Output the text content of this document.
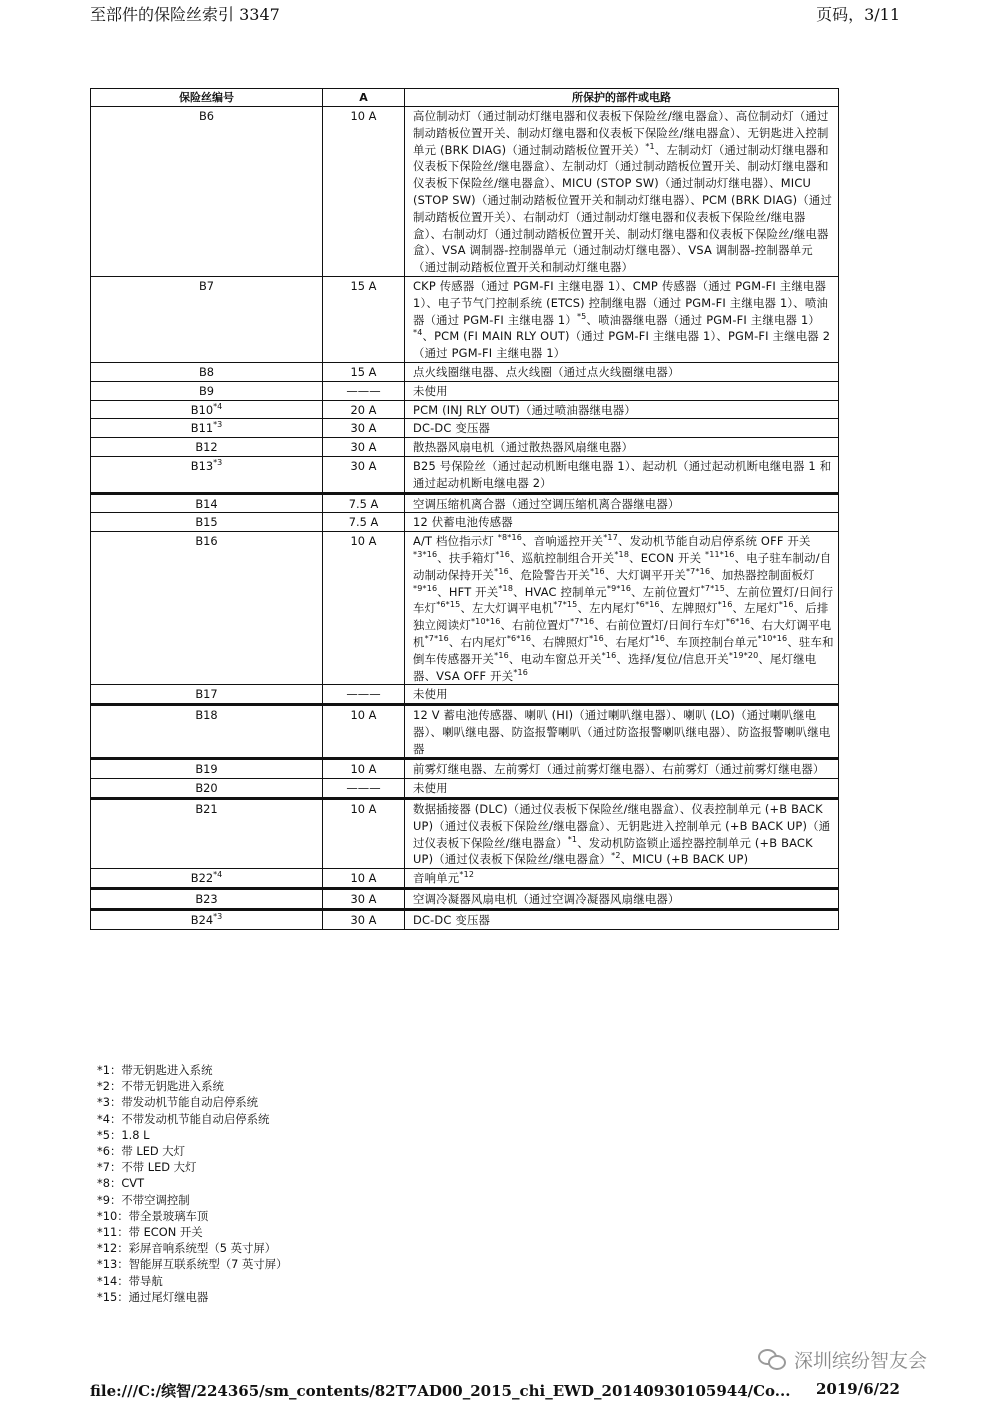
至部件的保险丝索引 3347	页码，3/11
保险丝编号	A	所保护的部件或电路
B6	10 A	高位制动灯（通过制动灯继电器和仪表板下保险丝/继电器盒）、高位制动灯（通过制动踏板位置开关、制动灯继电器和仪表板下保险丝/继电器盒）、无钥匙进入控制单元 (BRK DIAG)（通过制动踏板位置开关）$^{*1}$、左制动灯（通过制动灯继电器和仪表板下保险丝/继电器盒）、左制动灯（通过制动踏板位置开关、制动灯继电器和仪表板下保险丝/继电器盒）、MICU (STOP SW)（通过制动灯继电器）、MICU (STOP SW)（通过制动踏板位置开关和制动灯继电器）、PCM (BRK DIAG)（通过制动踏板位置开关）、右制动灯（通过制动灯继电器和仪表板下保险丝/继电器盒）、右制动灯（通过制动踏板位置开关、制动灯继电器和仪表板下保险丝/继电器盒）、VSA 调制器-控制器单元（通过制动灯继电器）、VSA 调制器-控制器单元（通过制动踏板位置开关和制动灯继电器）
B7	15 A	CKP 传感器（通过 PGM-FI 主继电器 1）、CMP 传感器（通过 PGM-FI 主继电器 1）、电子节气门控制系统 (ETCS) 控制继电器（通过 PGM-FI 主继电器 1）、喷油器（通过 PGM-FI 主继电器 1）$^{*5}$、喷油器继电器（通过 PGM-FI 主继电器 1）$^{*4}$、PCM (FI MAIN RLY OUT)（通过 PGM-FI 主继电器 1）、PGM-FI 主继电器 2（通过 PGM-FI 主继电器 1）
B8	15 A	点火线圈继电器、点火线圈（通过点火线圈继电器）
B9	———	未使用
B10$^{*4}$	20 A	PCM (INJ RLY OUT)（通过喷油器继电器）
B11$^{*3}$	30 A	DC-DC 变压器
B12	30 A	散热器风扇电机（通过散热器风扇继电器）
B13$^{*3}$	30 A	B25 号保险丝（通过起动机断电继电器 1）、起动机（通过起动机断电继电器 1 和通过起动机断电继电器 2）
B14	7.5 A	空调压缩机离合器（通过空调压缩机离合器继电器）
B15	7.5 A	12 伏蓄电池传感器
B16	10 A	A/T 档位指示灯 $^{*8*16}$、音响遥控开关$^{*17}$、发动机节能自动启停系统 OFF 开关$^{*3*16}$、扶手箱灯$^{*16}$、巡航控制组合开关$^{*18}$、ECON 开关 $^{*11*16}$、电子驻车制动/自动制动保持开关$^{*16}$、危险警告开关$^{*16}$、大灯调平开关$^{*7*16}$、加热器控制面板灯$^{*9*16}$、HFT 开关$^{*18}$、HVAC 控制单元$^{*9*16}$、左前位置灯$^{*7*15}$、左前位置灯/日间行车灯$^{*6*15}$、左大灯调平电机$^{*7*15}$、左内尾灯$^{*6*16}$、左牌照灯$^{*16}$、左尾灯$^{*16}$、后排独立阅读灯$^{*10*16}$、右前位置灯$^{*7*16}$、右前位置灯/日间行车灯$^{*6*16}$、右大灯调平电机$^{*7*16}$、右内尾灯$^{*6*16}$、右牌照灯$^{*16}$、右尾灯$^{*16}$、车顶控制台单元$^{*10*16}$、驻车和倒车传感器开关$^{*16}$、电动车窗总开关$^{*16}$、选择/复位/信息开关$^{*19*20}$、尾灯继电器、VSA OFF 开关$^{*16}$
B17	———	未使用
B18	10 A	12 V 蓄电池传感器、喇叭 (HI)（通过喇叭继电器）、喇叭 (LO)（通过喇叭继电器）、喇叭继电器、防盗报警喇叭（通过防盗报警喇叭继电器）、防盗报警喇叭继电器
B19	10 A	前雾灯继电器、左前雾灯（通过前雾灯继电器）、右前雾灯（通过前雾灯继电器）
B20	———	未使用
B21	10 A	数据插接器 (DLC)（通过仪表板下保险丝/继电器盒）、仪表控制单元 (+B BACK UP)（通过仪表板下保险丝/继电器盒）、无钥匙进入控制单元 (+B BACK UP)（通过仪表板下保险丝/继电器盒）$^{*1}$、发动机防盗锁止遥控器控制单元 (+B BACK UP)（通过仪表板下保险丝/继电器盒）$^{*2}$、MICU (+B BACK UP)
B22$^{*4}$	10 A	音响单元$^{*12}$
B23	30 A	空调冷凝器风扇电机（通过空调冷凝器风扇继电器）
B24$^{*3}$	30 A	DC-DC 变压器
*1：带无钥匙进入系统
*2：不带无钥匙进入系统
*3：带发动机节能自动启停系统
*4：不带发动机节能自动启停系统
*5：1.8 L
*6：带 LED 大灯
*7：不带 LED 大灯
*8：CVT
*9：不带空调控制
*10：带全景玻璃车顶
*11：带 ECON 开关
*12：彩屏音响系统型（5 英寸屏）
*13：智能屏互联系统型（7 英寸屏）
*14：带导航
*15：通过尾灯继电器
深圳缤纷智友会
file:///C:/缤智/224365/sm_contents/82T7AD00_2015_chi_EWD_20140930105944/Co... 2019/6/22
